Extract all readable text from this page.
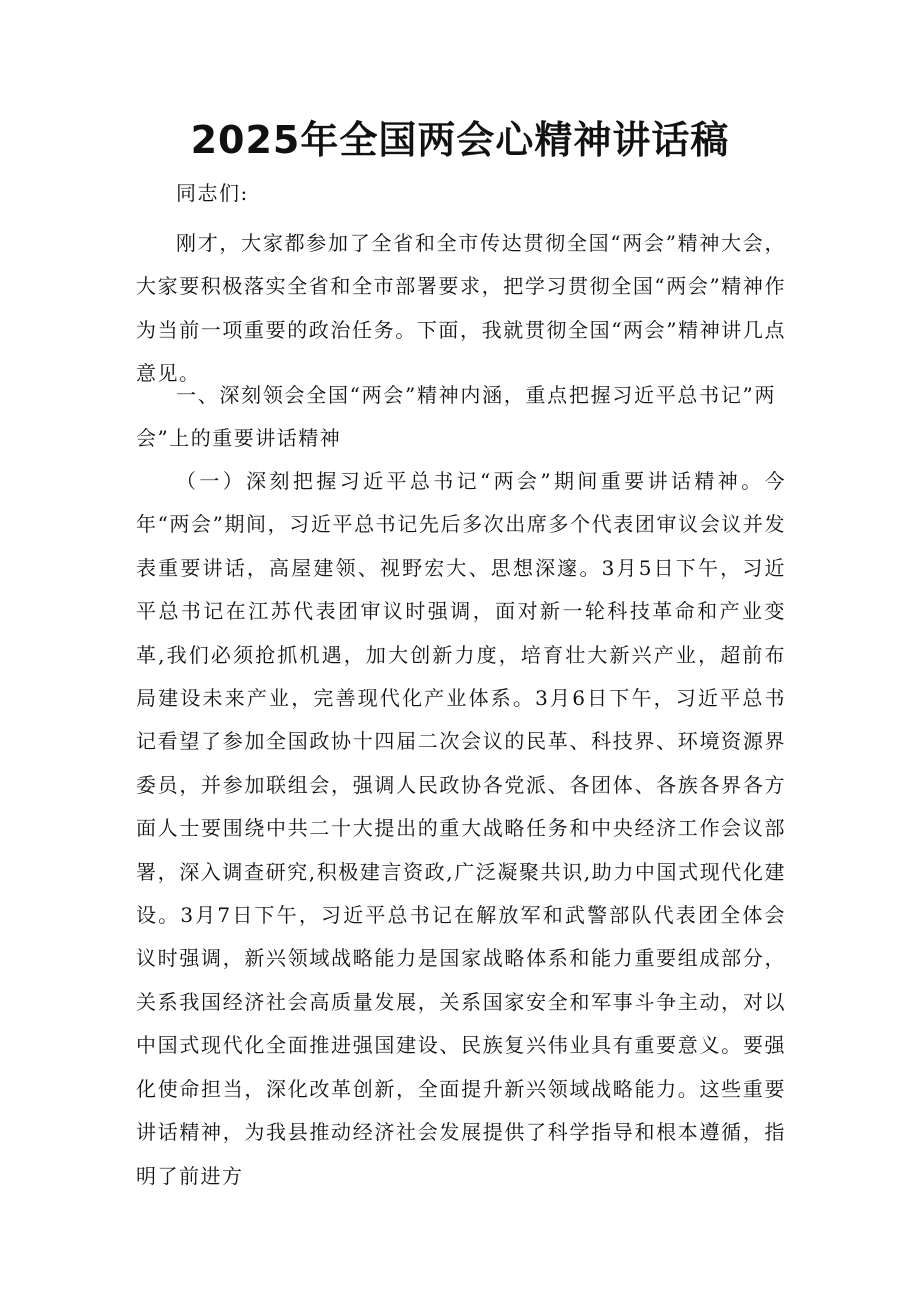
2025年全国两会心精神讲话稿

同志们:

刚才，大家都参加了全省和全市传达贯彻全国“两会”精神大会，大家要积极落实全省和全市部署要求，把学习贯彻全国“两会”精神作为当前一项重要的政治任务。下面，我就贯彻全国“两会”精神讲几点意见。

一、深刻领会全国“两会”精神内涵，重点把握习近平总书记”两会”上的重要讲话精神

（一）深刻把握习近平总书记“两会”期间重要讲话精神。今年“两会”期间，习近平总书记先后多次出席多个代表团审议会议并发表重要讲话，高屋建领、视野宏大、思想深邃。3月5日下午，习近平总书记在江苏代表团审议时强调，面对新一轮科技革命和产业变革,我们必须抢抓机遇，加大创新力度，培育壮大新兴产业，超前布局建设未来产业，完善现代化产业体系。3月6日下午，习近平总书记看望了参加全国政协十四届二次会议的民革、科技界、环境资源界委员，并参加联组会，强调人民政协各党派、各团体、各族各界各方面人士要围绕中共二十大提出的重大战略任务和中央经济工作会议部署，深入调查研究,积极建言资政,广泛凝聚共识,助力中国式现代化建设。3月7日下午，习近平总书记在解放军和武警部队代表团全体会议时强调，新兴领域战略能力是国家战略体系和能力重要组成部分，关系我国经济社会高质量发展，关系国家安全和军事斗争主动，对以中国式现代化全面推进强国建设、民族复兴伟业具有重要意义。要强化使命担当，深化改革创新，全面提升新兴领域战略能力。这些重要讲话精神，为我县推动经济社会发展提供了科学指导和根本遵循，指明了前进方
